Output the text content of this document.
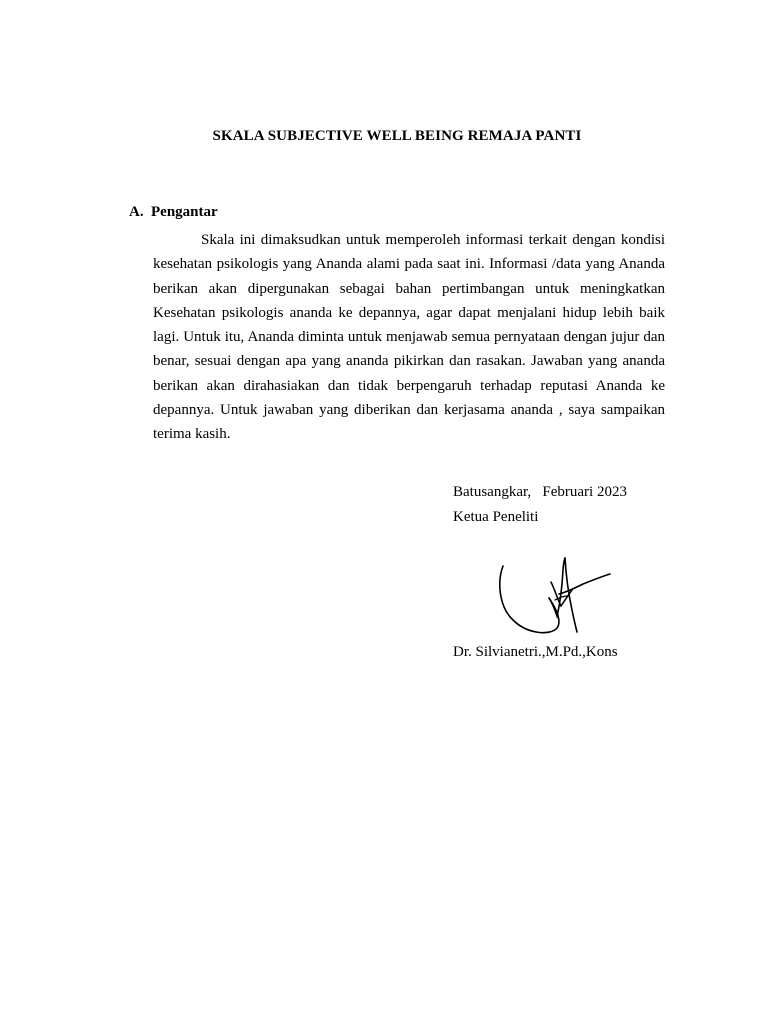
SKALA SUBJECTIVE WELL BEING REMAJA PANTI
A. Pengantar

Skala ini dimaksudkan untuk memperoleh informasi terkait dengan kondisi kesehatan psikologis yang Ananda alami pada saat ini. Informasi /data yang Ananda berikan akan dipergunakan sebagai bahan pertimbangan untuk meningkatkan Kesehatan psikologis ananda ke depannya, agar dapat menjalani hidup lebih baik lagi. Untuk itu, Ananda diminta untuk menjawab semua pernyataan dengan jujur dan benar, sesuai dengan apa yang ananda pikirkan dan rasakan. Jawaban yang ananda berikan akan dirahasiakan dan tidak berpengaruh terhadap reputasi Ananda ke depannya. Untuk jawaban yang diberikan dan kerjasama ananda , saya sampaikan terima kasih.

Batusangkar,   Februari 2023

Ketua Peneliti

Dr. Silvianetri.,M.Pd.,Kons
